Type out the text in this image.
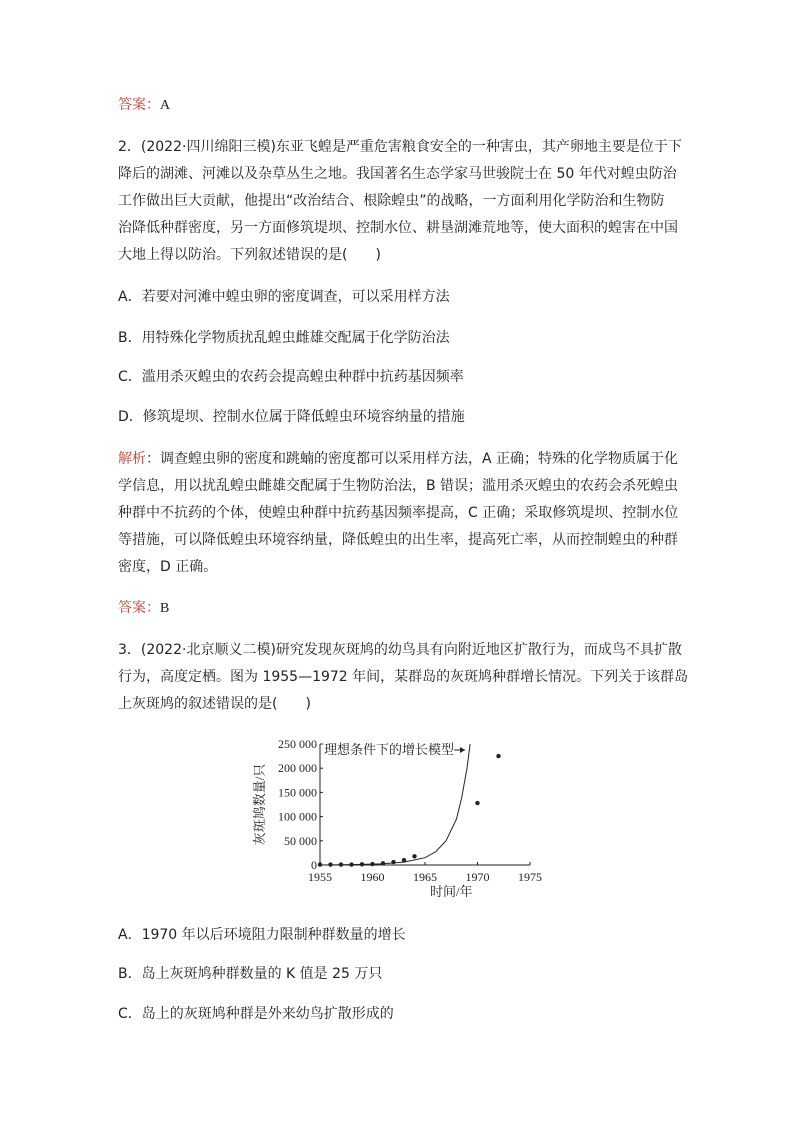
答案：A
2．(2022·四川绵阳三模)东亚飞蝗是严重危害粮食安全的一种害虫，其产卵地主要是位于下
降后的湖滩、河滩以及杂草丛生之地。我国著名生态学家马世骏院士在 50 年代对蝗虫防治
工作做出巨大贡献，他提出“改治结合、根除蝗虫”的战略，一方面利用化学防治和生物防
治降低种群密度，另一方面修筑堤坝、控制水位、耕垦湖滩荒地等，使大面积的蝗害在中国
大地上得以防治。下列叙述错误的是(　　)
A．若要对河滩中蝗虫卵的密度调查，可以采用样方法
B．用特殊化学物质扰乱蝗虫雌雄交配属于化学防治法
C．滥用杀灭蝗虫的农药会提高蝗虫种群中抗药基因频率
D．修筑堤坝、控制水位属于降低蝗虫环境容纳量的措施
解析：调查蝗虫卵的密度和跳蝻的密度都可以采用样方法，A 正确；特殊的化学物质属于化
学信息，用以扰乱蝗虫雌雄交配属于生物防治法，B 错误；滥用杀灭蝗虫的农药会杀死蝗虫
种群中不抗药的个体，使蝗虫种群中抗药基因频率提高，C 正确；采取修筑堤坝、控制水位
等措施，可以降低蝗虫环境容纳量，降低蝗虫的出生率，提高死亡率，从而控制蝗虫的种群
密度，D 正确。
答案：B
3．(2022·北京顺义二模)研究发现灰斑鸠的幼鸟具有向附近地区扩散行为，而成鸟不具扩散
行为，高度定栖。图为 1955—1972 年间，某群岛的灰斑鸠种群增长情况。下列关于该群岛
上灰斑鸠的叙述错误的是(　　)
0
50 000
100 000
150 000
200 000
250 000
1955 1960 1965 1970 1975
理想条件下的增长模型
灰斑鸠数量/只
时间/年
A．1970 年以后环境阻力限制种群数量的增长
B．岛上灰斑鸠种群数量的 K 值是 25 万只
C．岛上的灰斑鸠种群是外来幼鸟扩散形成的
